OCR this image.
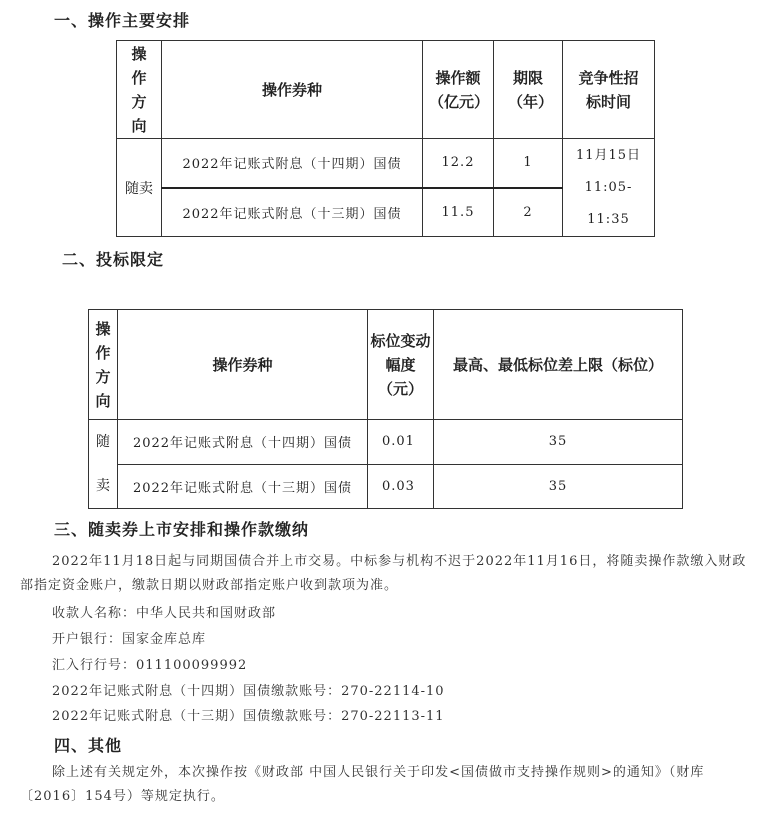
一、操作主要安排
操作方向	操作券种	操作额（亿元）	期限（年）	竞争性招标时间

随卖	2022年记账式附息（十四期）国债	12.2	1	11月15日
11:05-
11:35

	2022年记账式附息（十三期）国债	11.5	2	
二、投标限定
操作方向	操作券种	标位变动幅度（元）	最高、最低标位差上限（标位）
随卖	2022年记账式附息（十四期）国债	0.01	35
	2022年记账式附息（十三期）国债	0.03	35
三、随卖券上市安排和操作款缴纳

2022年11月18日起与同期国债合并上市交易。中标参与机构不迟于2022年11月16日，将随卖操作款缴入财政部指定资金账户，缴款日期以财政部指定账户收到款项为准。

收款人名称：中华人民共和国财政部

开户银行：国家金库总库

汇入行行号：011100099992

2022年记账式附息（十四期）国债缴款账号：270-22114-10

2022年记账式附息（十三期）国债缴款账号：270-22113-11

四、其他

除上述有关规定外，本次操作按《财政部 中国人民银行关于印发<国债做市支持操作规则>的通知》（财库〔2016〕154号）等规定执行。
